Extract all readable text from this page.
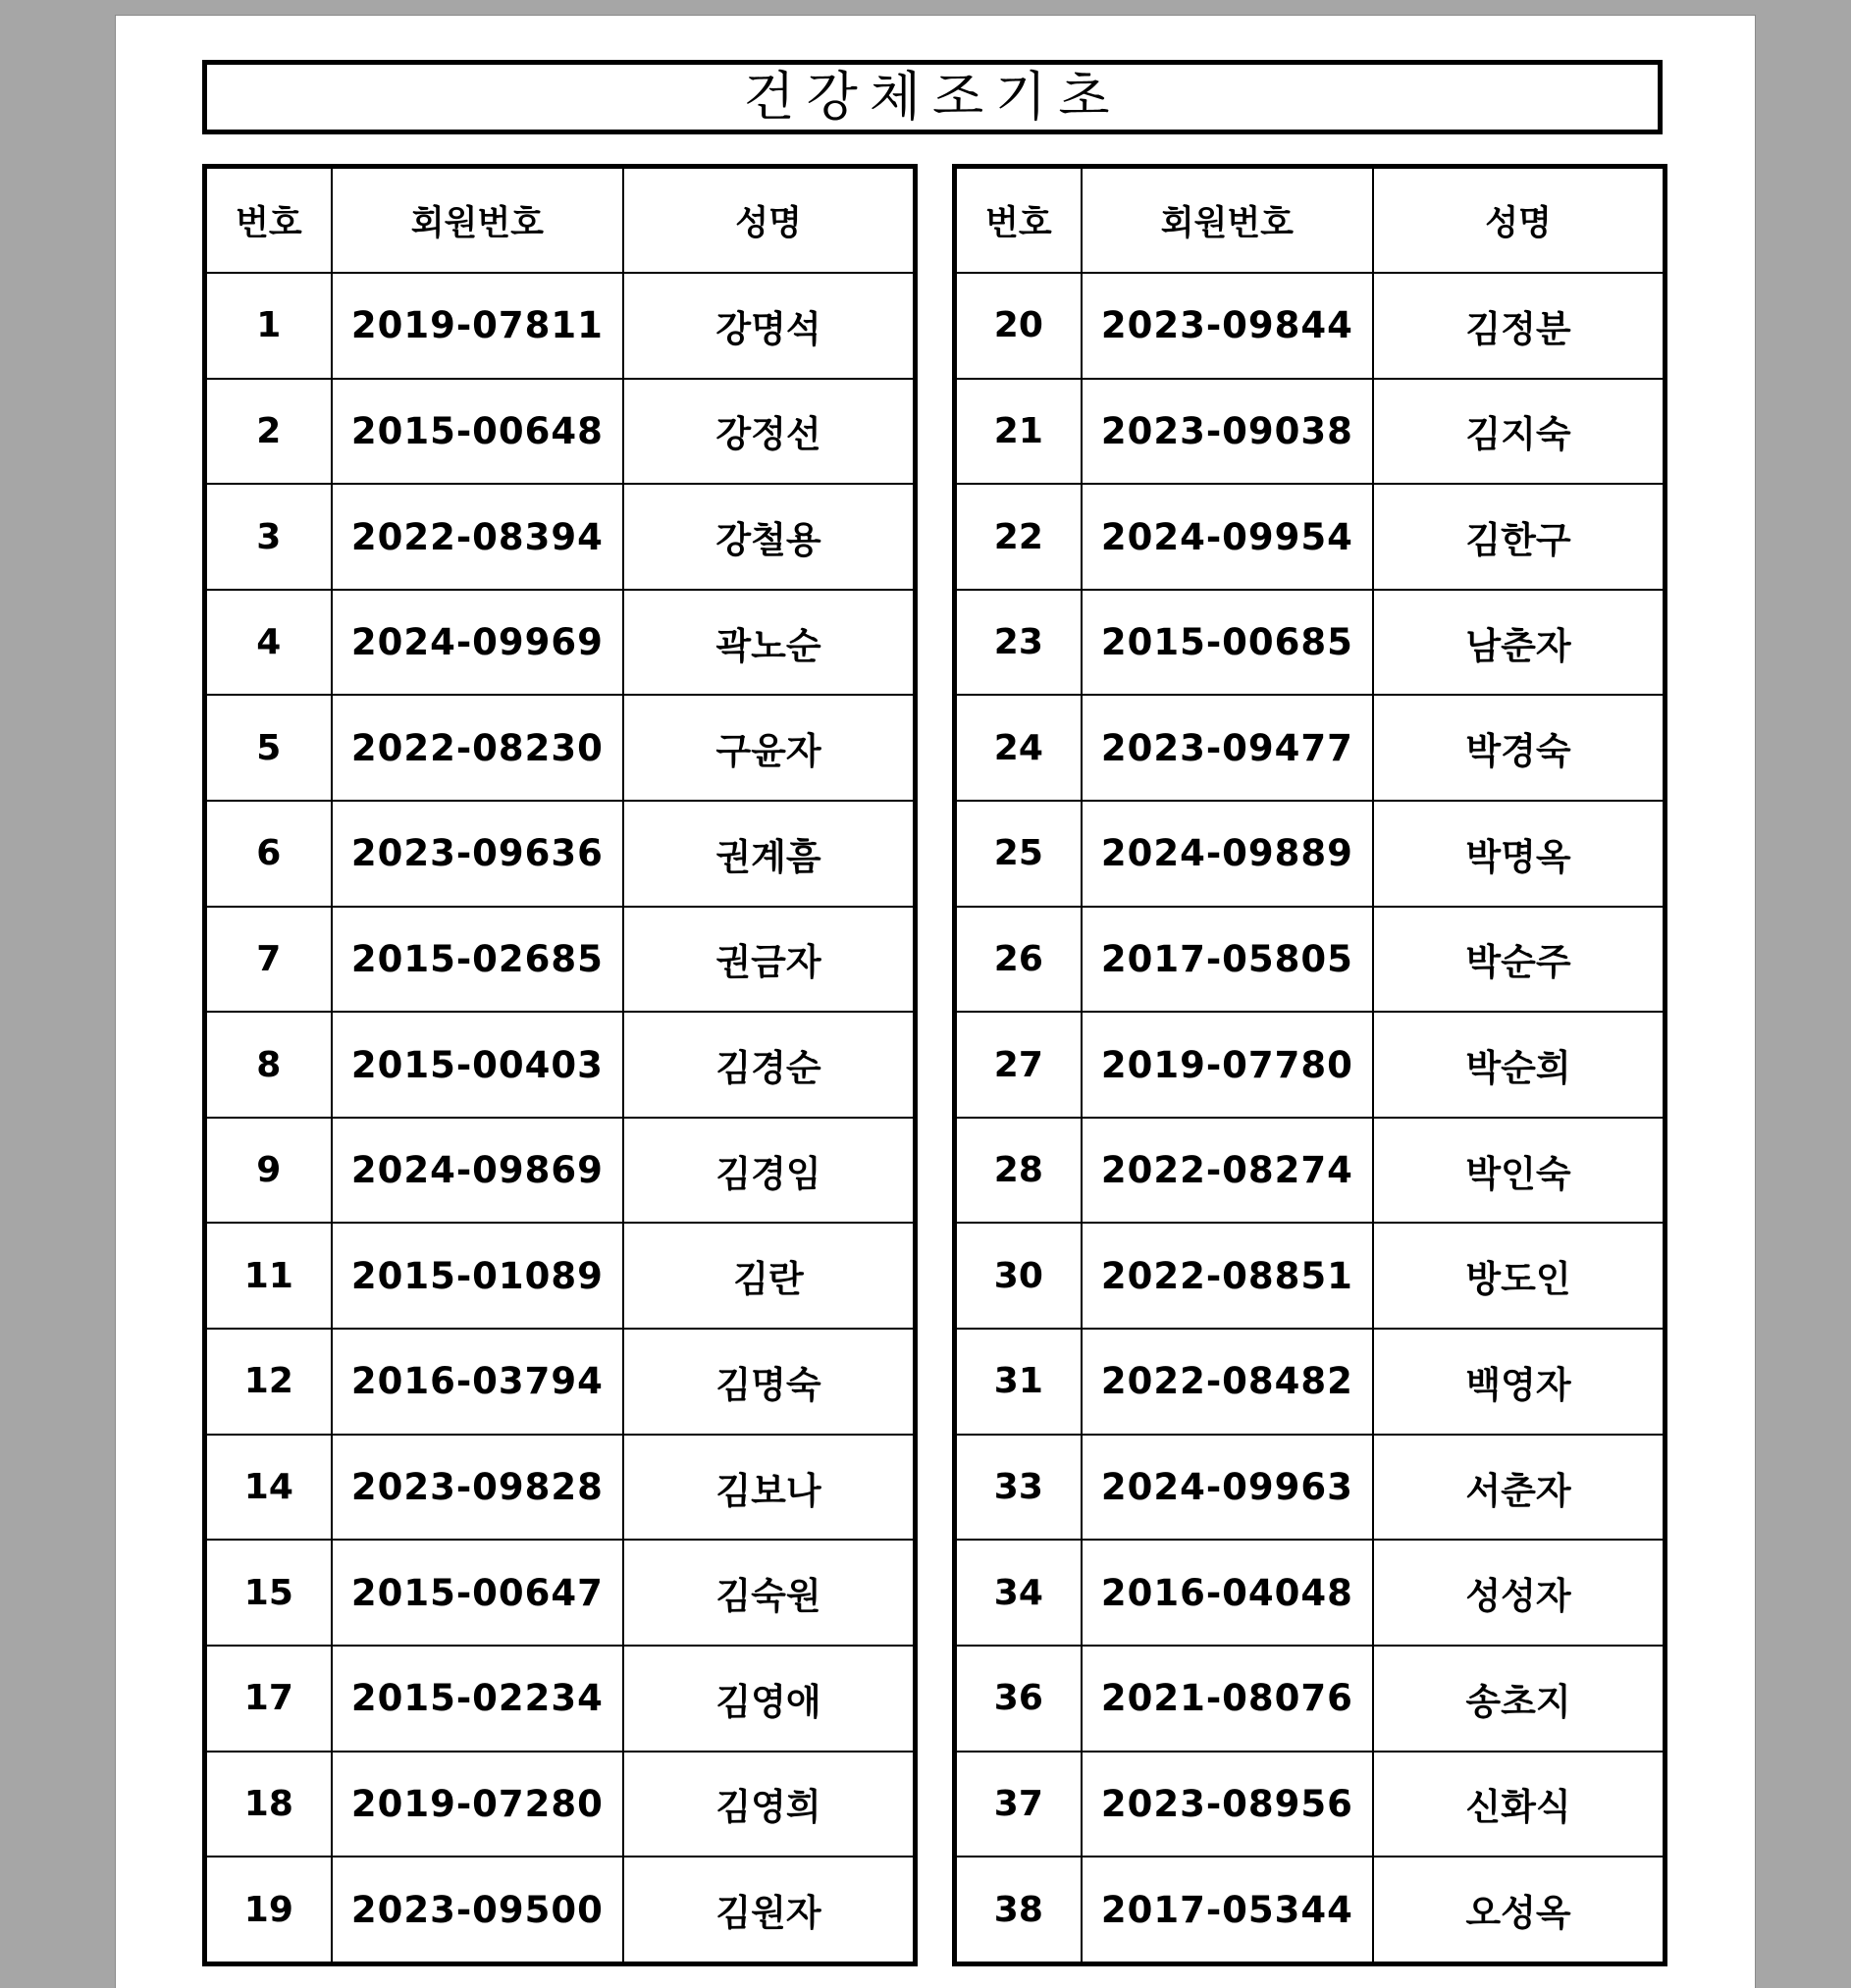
건강체조기초
번호	회원번호	성명
1	2019-07811	강명석
2	2015-00648	강정선
3	2022-08394	강철용
4	2024-09969	곽노순
5	2022-08230	구윤자
6	2023-09636	권계흠
7	2015-02685	권금자
8	2015-00403	김경순
9	2024-09869	김경임
11	2015-01089	김란
12	2016-03794	김명숙
14	2023-09828	김보나
15	2015-00647	김숙원
17	2015-02234	김영애
18	2019-07280	김영희
19	2023-09500	김원자
번호	회원번호	성명
20	2023-09844	김정분
21	2023-09038	김지숙
22	2024-09954	김한구
23	2015-00685	남춘자
24	2023-09477	박경숙
25	2024-09889	박명옥
26	2017-05805	박순주
27	2019-07780	박순희
28	2022-08274	박인숙
30	2022-08851	방도인
31	2022-08482	백영자
33	2024-09963	서춘자
34	2016-04048	성성자
36	2021-08076	송초지
37	2023-08956	신화식
38	2017-05344	오성옥
